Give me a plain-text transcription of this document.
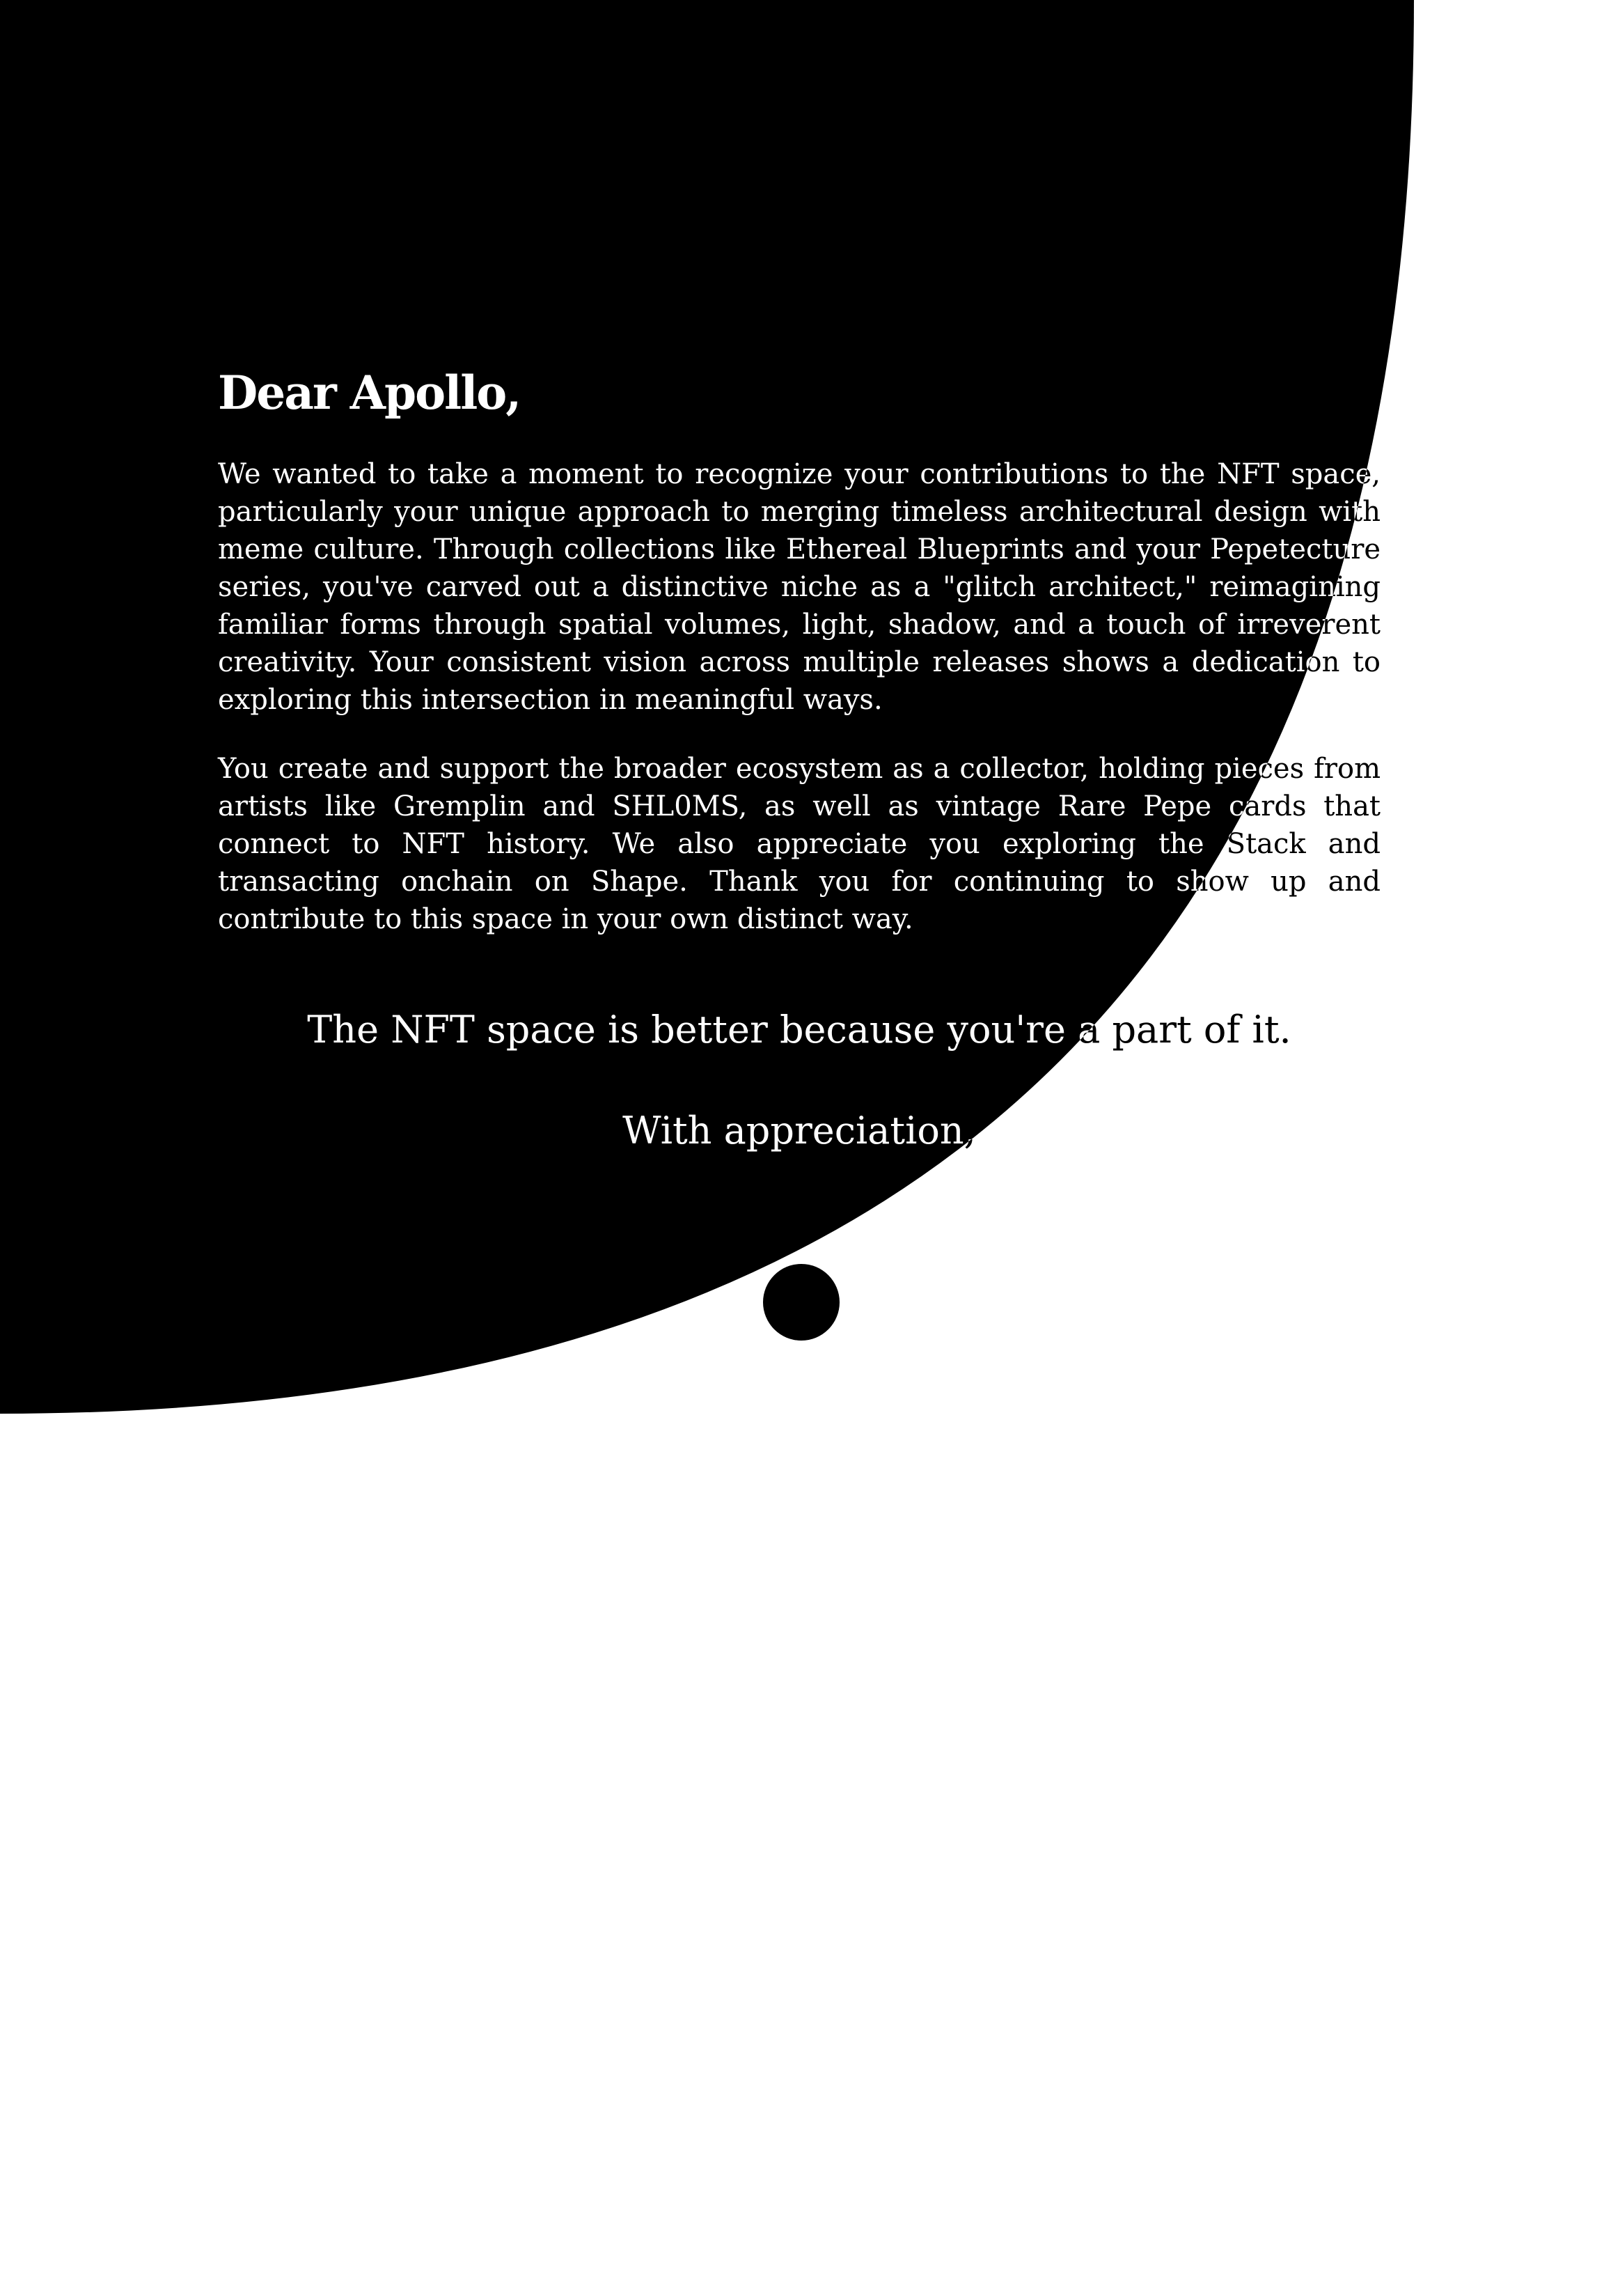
Dear Apollo,

We wanted to take a moment to recognize your contributions to the NFT space, particularly your unique approach to merging timeless architectural design with meme culture. Through collections like Ethereal Blueprints and your Pepetecture series, you've carved out a distinctive niche as a "glitch architect," reimagining familiar forms through spatial volumes, light, shadow, and a touch of irreverent creativity. Your consistent vision across multiple releases shows a dedication to exploring this intersection in meaningful ways.

You create and support the broader ecosystem as a collector, holding pieces from artists like Gremplin and SHL0MS, as well as vintage Rare Pepe cards that connect to NFT history. We also appreciate you exploring the Stack and transacting onchain on Shape. Thank you for continuing to show up and contribute to this space in your own distinct way.

The NFT space is better because you're a part of it.

With appreciation,
